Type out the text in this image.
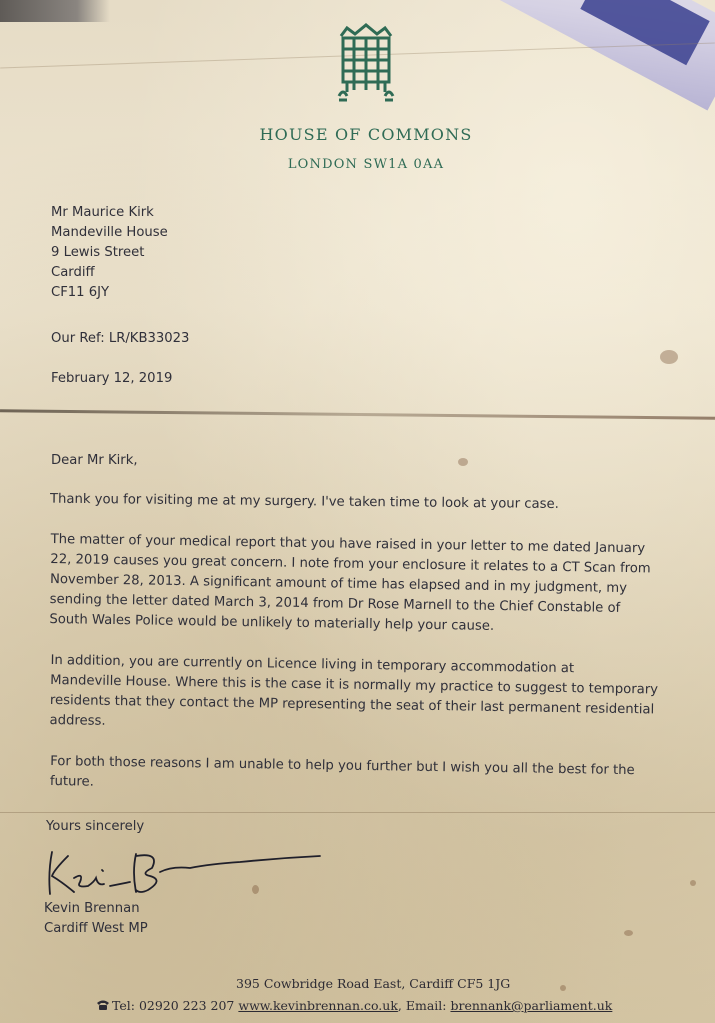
HOUSE OF COMMONS
LONDON SW1A 0AA
Mr Maurice Kirk
Mandeville House
9 Lewis Street
Cardiff
CF11 6JY
Our Ref: LR/KB33023
February 12, 2019
Dear Mr Kirk,
Thank you for visiting me at my surgery. I've taken time to look at your case.
The matter of your medical report that you have raised in your letter to me dated January
22, 2019 causes you great concern. I note from your enclosure it relates to a CT Scan from
November 28, 2013. A significant amount of time has elapsed and in my judgment, my
sending the letter dated March 3, 2014 from Dr Rose Marnell to the Chief Constable of
South Wales Police would be unlikely to materially help your cause.
In addition, you are currently on Licence living in temporary accommodation at
Mandeville House. Where this is the case it is normally my practice to suggest to temporary
residents that they contact the MP representing the seat of their last permanent residential
address.
For both those reasons I am unable to help you further but I wish you all the best for the
future.
Yours sincerely
Kevin Brennan
Cardiff West MP
395 Cowbridge Road East, Cardiff CF5 1JG
Tel: 02920 223 207 www.kevinbrennan.co.uk, Email: brennank@parliament.uk
